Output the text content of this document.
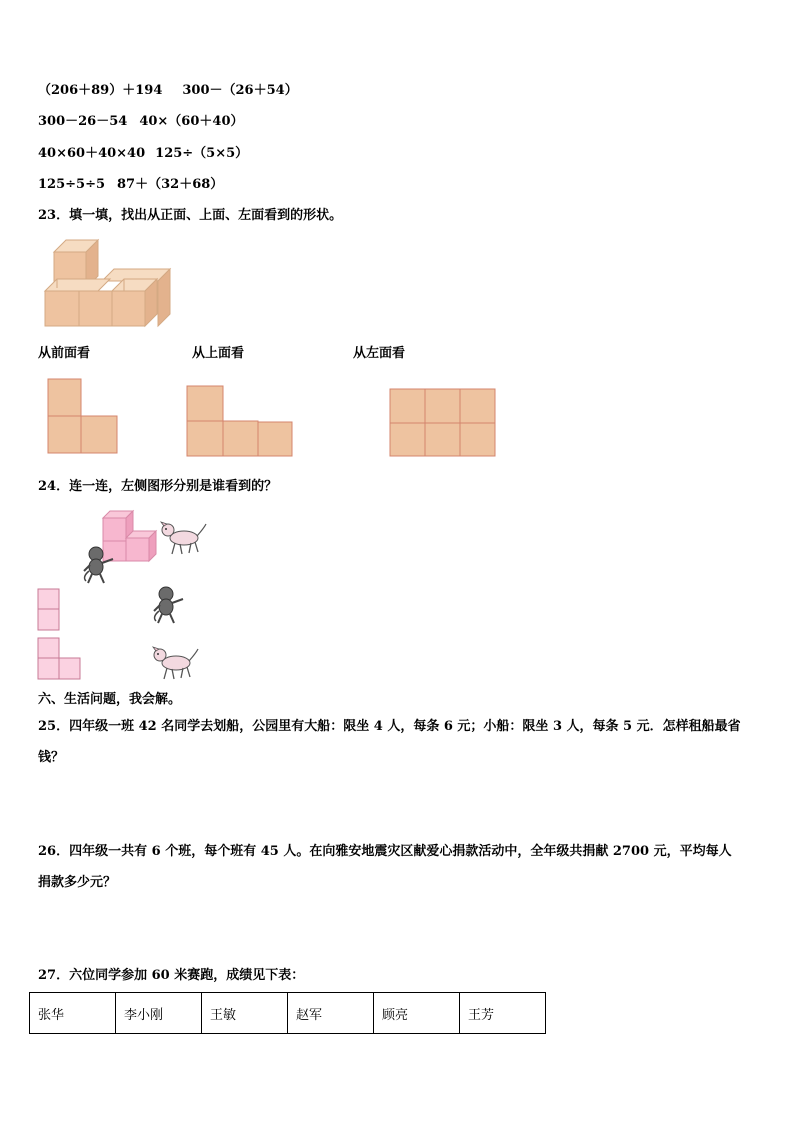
（206＋89）＋194 300－（26＋54）
300－26－54 40×（60＋40）
40×60＋40×40 125÷（5×5）
125÷5÷5 87＋（32＋68）
23．填一填，找出从正面、上面、左面看到的形状。
从前面看	从上面看	从左面看
24．连一连，左侧图形分别是谁看到的？
六、生活问题，我会解。
25．四年级一班 42 名同学去划船，公园里有大船：限坐 4 人，每条 6 元；小船：限坐 3 人，每条 5 元．怎样租船最省
钱？
26．四年级一共有 6 个班，每个班有 45 人。在向雅安地震灾区献爱心捐款活动中，全年级共捐献 2700 元，平均每人
捐款多少元？
27．六位同学参加 60 米赛跑，成绩见下表：
张华	李小刚	王敏	赵军	顾亮	王芳
